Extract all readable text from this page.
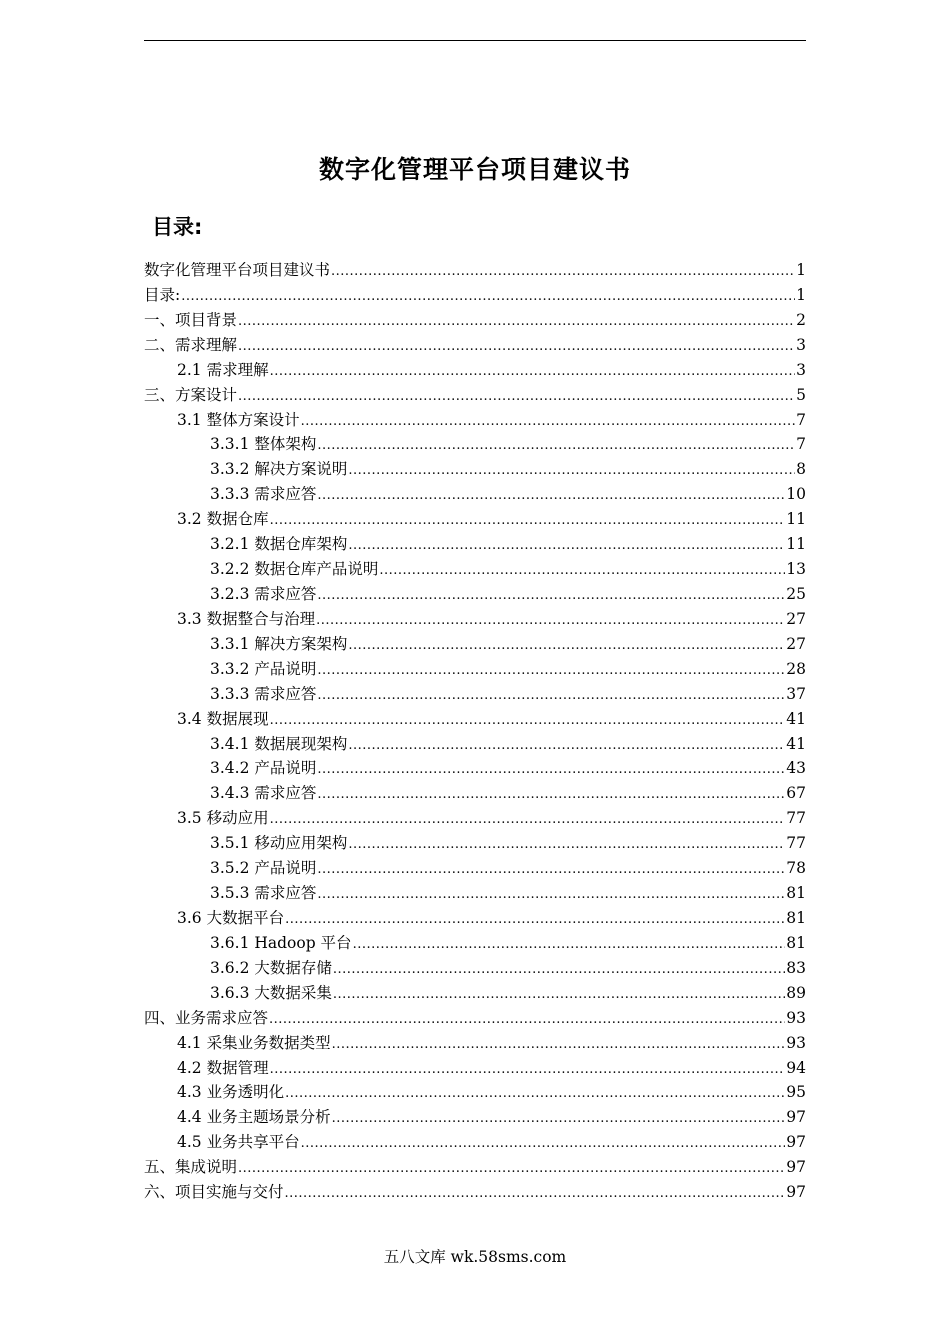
数字化管理平台项目建议书
目录:
数字化管理平台项目建议书 .....	1
目录: .....	1
一、项目背景 .....	2
二、需求理解 .....	3
2.1 需求理解 .....	3
三、方案设计 .....	5
3.1 整体方案设计 .....	7
3.3.1 整体架构 .....	7
3.3.2 解决方案说明 .....	8
3.3.3 需求应答 .....	10
3.2 数据仓库 .....	11
3.2.1 数据仓库架构 .....	11
3.2.2 数据仓库产品说明 .....	13
3.2.3 需求应答 .....	25
3.3 数据整合与治理 .....	27
3.3.1 解决方案架构 .....	27
3.3.2 产品说明 .....	28
3.3.3 需求应答 .....	37
3.4 数据展现 .....	41
3.4.1 数据展现架构 .....	41
3.4.2 产品说明 .....	43
3.4.3 需求应答 .....	67
3.5 移动应用 .....	77
3.5.1 移动应用架构 .....	77
3.5.2 产品说明 .....	78
3.5.3 需求应答 .....	81
3.6 大数据平台 .....	81
3.6.1 Hadoop 平台 .....	81
3.6.2 大数据存储 .....	83
3.6.3 大数据采集 .....	89
四、业务需求应答 .....	93
4.1 采集业务数据类型 .....	93
4.2 数据管理 .....	94
4.3 业务透明化 .....	95
4.4 业务主题场景分析 .....	97
4.5 业务共享平台 .....	97
五、集成说明 .....	97
六、项目实施与交付 .....	97
五八文库 wk.58sms.com
